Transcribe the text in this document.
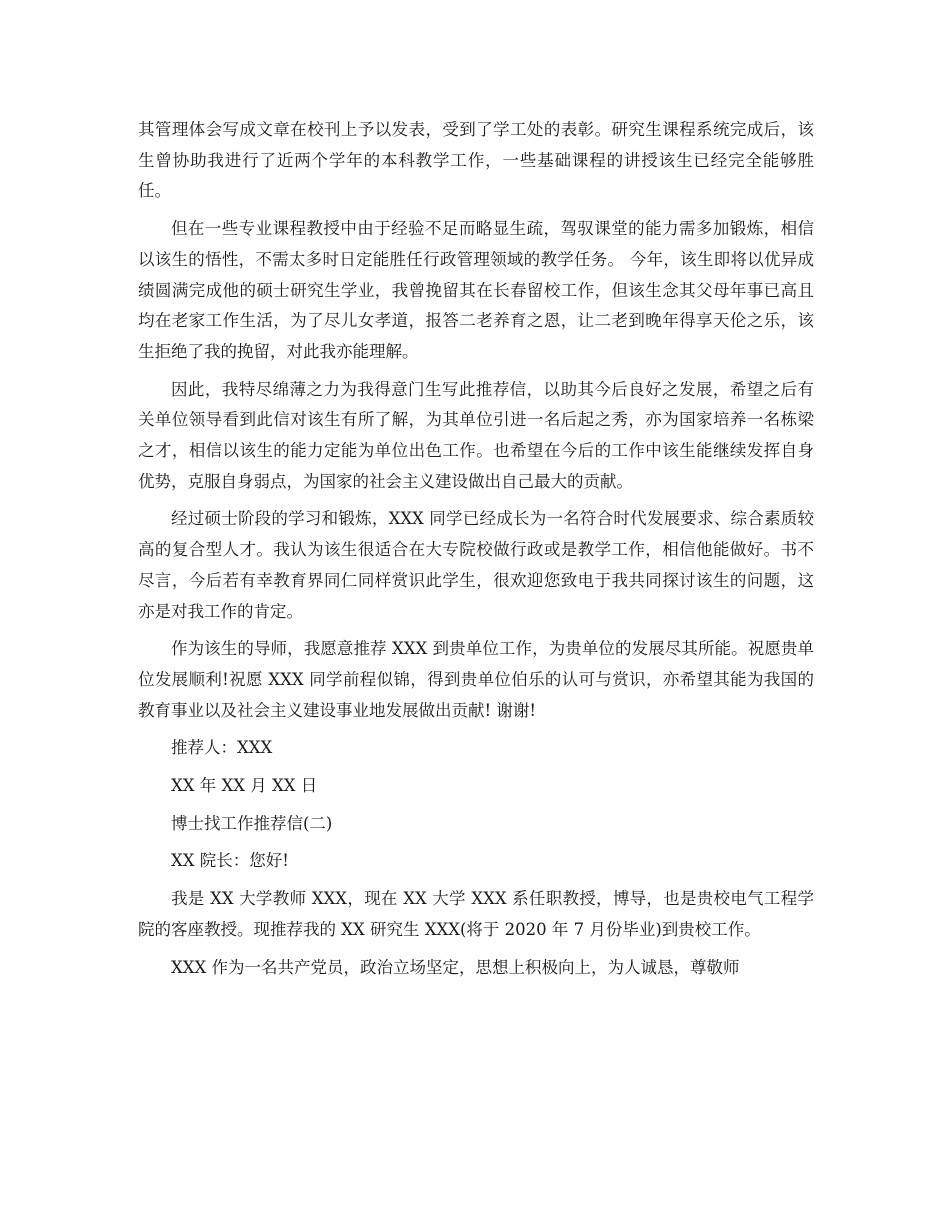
其管理体会写成文章在校刊上予以发表，受到了学工处的表彰。研究生课程系统完成后，该生曾协助我进行了近两个学年的本科教学工作，一些基础课程的讲授该生已经完全能够胜任。

但在一些专业课程教授中由于经验不足而略显生疏，驾驭课堂的能力需多加锻炼，相信以该生的悟性，不需太多时日定能胜任行政管理领域的教学任务。 今年，该生即将以优异成绩圆满完成他的硕士研究生学业，我曾挽留其在长春留校工作，但该生念其父母年事已高且均在老家工作生活，为了尽儿女孝道，报答二老养育之恩，让二老到晚年得享天伦之乐，该生拒绝了我的挽留，对此我亦能理解。

因此，我特尽绵薄之力为我得意门生写此推荐信，以助其今后良好之发展，希望之后有关单位领导看到此信对该生有所了解，为其单位引进一名后起之秀，亦为国家培养一名栋梁之才，相信以该生的能力定能为单位出色工作。也希望在今后的工作中该生能继续发挥自身优势，克服自身弱点，为国家的社会主义建设做出自己最大的贡献。

经过硕士阶段的学习和锻炼，XXX 同学已经成长为一名符合时代发展要求、综合素质较高的复合型人才。我认为该生很适合在大专院校做行政或是教学工作，相信他能做好。书不尽言，今后若有幸教育界同仁同样赏识此学生，很欢迎您致电于我共同探讨该生的问题，这亦是对我工作的肯定。

作为该生的导师，我愿意推荐 XXX 到贵单位工作，为贵单位的发展尽其所能。祝愿贵单位发展顺利!祝愿 XXX 同学前程似锦，得到贵单位伯乐的认可与赏识，亦希望其能为我国的教育事业以及社会主义建设事业地发展做出贡献! 谢谢!

推荐人：XXX

XX 年 XX 月 XX 日

博士找工作推荐信(二)

XX 院长：您好!

我是 XX 大学教师 XXX，现在 XX 大学 XXX 系任职教授，博导，也是贵校电气工程学院的客座教授。现推荐我的 XX 研究生 XXX(将于 2020 年 7 月份毕业)到贵校工作。

XXX 作为一名共产党员，政治立场坚定，思想上积极向上，为人诚恳，尊敬师
